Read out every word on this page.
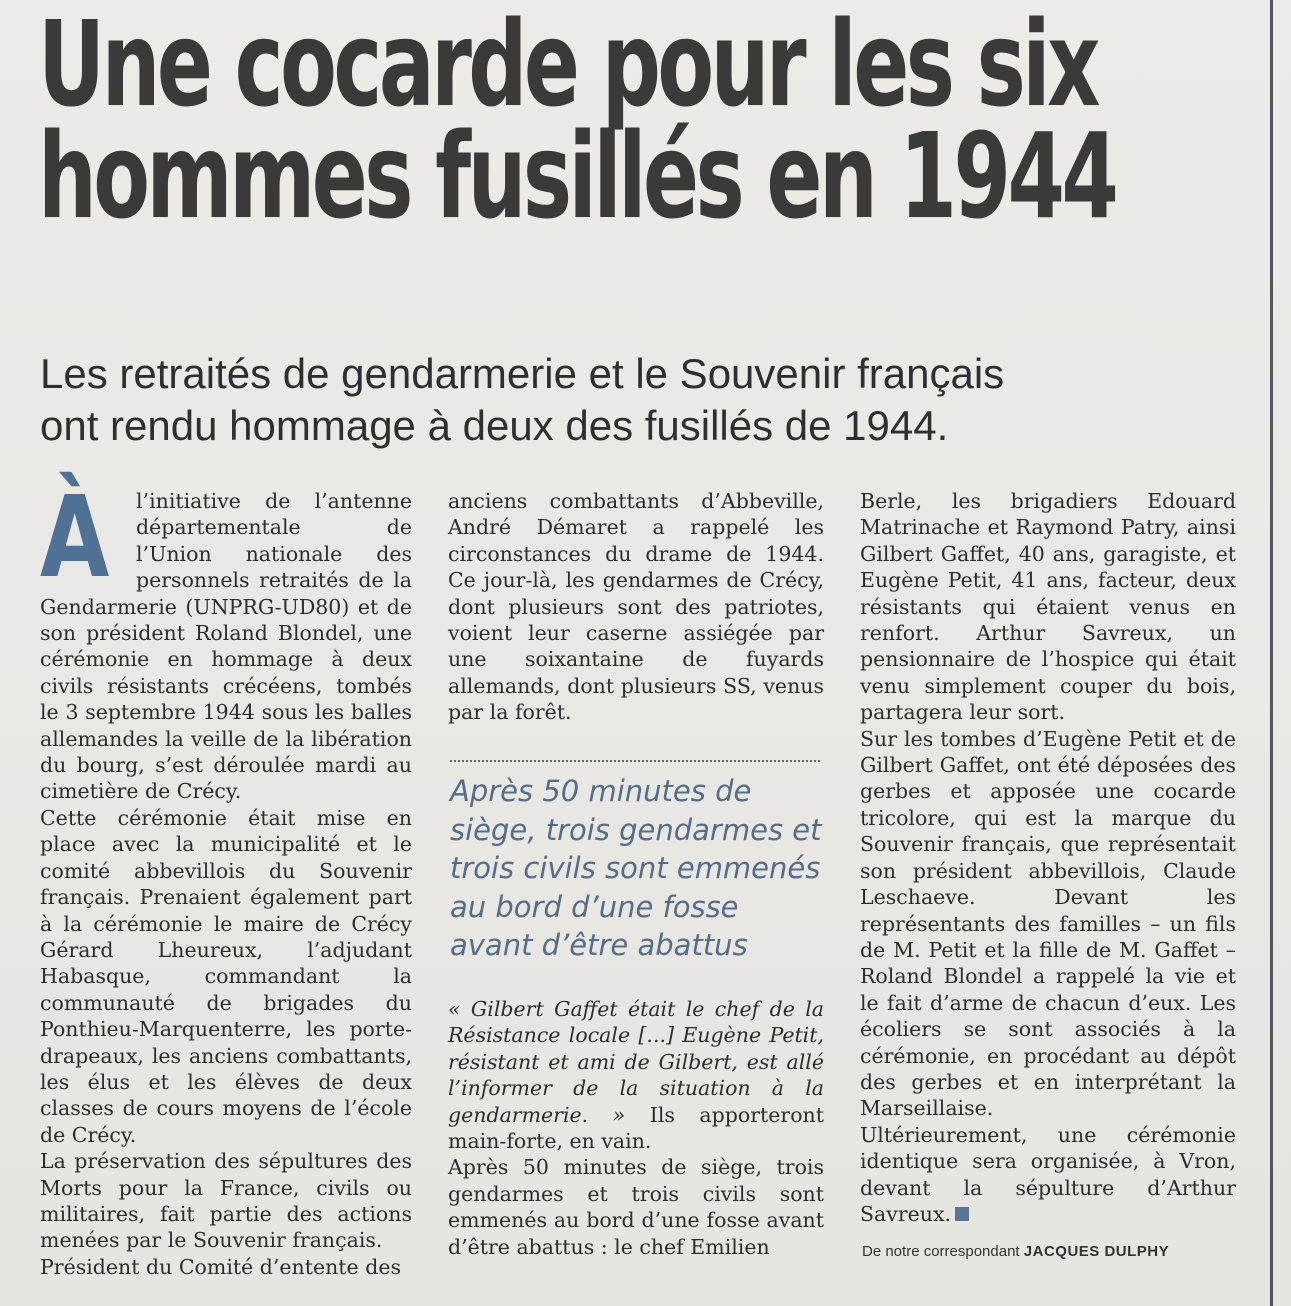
Une cocarde pour les six
hommes fusillés en 1944
Les retraités de gendarmerie et le Souvenir français
ont rendu hommage à deux des fusillés de 1944.
À	l’initiative de l’antenne départementale de l’Union nationale des personnels retraités de la Gendarmerie (UNPRG-UD80) et de son président Roland Blondel, une cérémonie en hommage à deux civils résistants crécéens, tombés le 3 septembre 1944 sous les balles allemandes la veille de la libération du bourg, s’est déroulée mardi au cimetière de Crécy.

Cette cérémonie était mise en place avec la municipalité et le comité abbevillois du Souvenir français. Prenaient également part à la cérémonie le maire de Crécy Gérard Lheureux, l’adjudant Habasque, commandant la communauté de brigades du Ponthieu-Marquenterre, les porte-drapeaux, les anciens combattants, les élus et les élèves de deux classes de cours moyens de l’école de Crécy.

La préservation des sépultures des Morts pour la France, civils ou militaires, fait partie des actions menées par le Souvenir français.

Président du Comité d’entente des

anciens combattants d’Abbeville, André Démaret a rappelé les circonstances du drame de 1944. Ce jour-là, les gendarmes de Crécy, dont plusieurs sont des patriotes, voient leur caserne assiégée par une soixantaine de fuyards allemands, dont plusieurs SS, venus par la forêt.

Après 50 minutes de
siège, trois gendarmes et
trois civils sont emmenés
au bord d’une fosse
avant d’être abattus

« Gilbert Gaffet était le chef de la Résistance locale [...] Eugène Petit, résistant et ami de Gilbert, est allé l’informer de la situation à la gendarmerie. » Ils apporteront main-forte, en vain.

Après 50 minutes de siège, trois gendarmes et trois civils sont emmenés au bord d’une fosse avant d’être abattus : le chef Emilien

Berle, les brigadiers Edouard Matrinache et Raymond Patry, ainsi Gilbert Gaffet, 40 ans, garagiste, et Eugène Petit, 41 ans, facteur, deux résistants qui étaient venus en renfort. Arthur Savreux, un pensionnaire de l’hospice qui était venu simplement couper du bois, partagera leur sort.

Sur les tombes d’Eugène Petit et de Gilbert Gaffet, ont été déposées des gerbes et apposée une cocarde tricolore, qui est la marque du Souvenir français, que représentait son président abbevillois, Claude Leschaeve. Devant les représentants des familles – un fils de M. Petit et la fille de M. Gaffet – Roland Blondel a rappelé la vie et le fait d’arme de chacun d’eux. Les écoliers se sont associés à la cérémonie, en procédant au dépôt des gerbes et en interprétant la Marseillaise.

Ultérieurement, une cérémonie identique sera organisée, à Vron, devant la sépulture d’Arthur Savreux.

De notre correspondant JACQUES DULPHY
